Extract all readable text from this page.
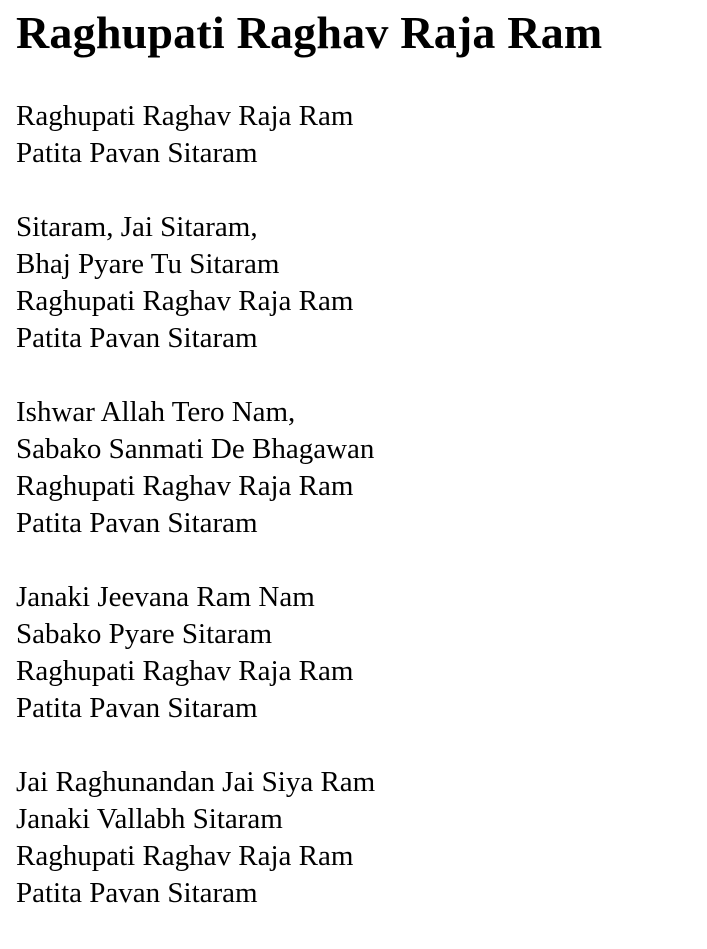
Raghupati Raghav Raja Ram
Raghupati Raghav Raja Ram
Patita Pavan Sitaram
Sitaram, Jai Sitaram,
Bhaj Pyare Tu Sitaram
Raghupati Raghav Raja Ram
Patita Pavan Sitaram
Ishwar Allah Tero Nam,
Sabako Sanmati De Bhagawan
Raghupati Raghav Raja Ram
Patita Pavan Sitaram
Janaki Jeevana Ram Nam
Sabako Pyare Sitaram
Raghupati Raghav Raja Ram
Patita Pavan Sitaram
Jai Raghunandan Jai Siya Ram
Janaki Vallabh Sitaram
Raghupati Raghav Raja Ram
Patita Pavan Sitaram
